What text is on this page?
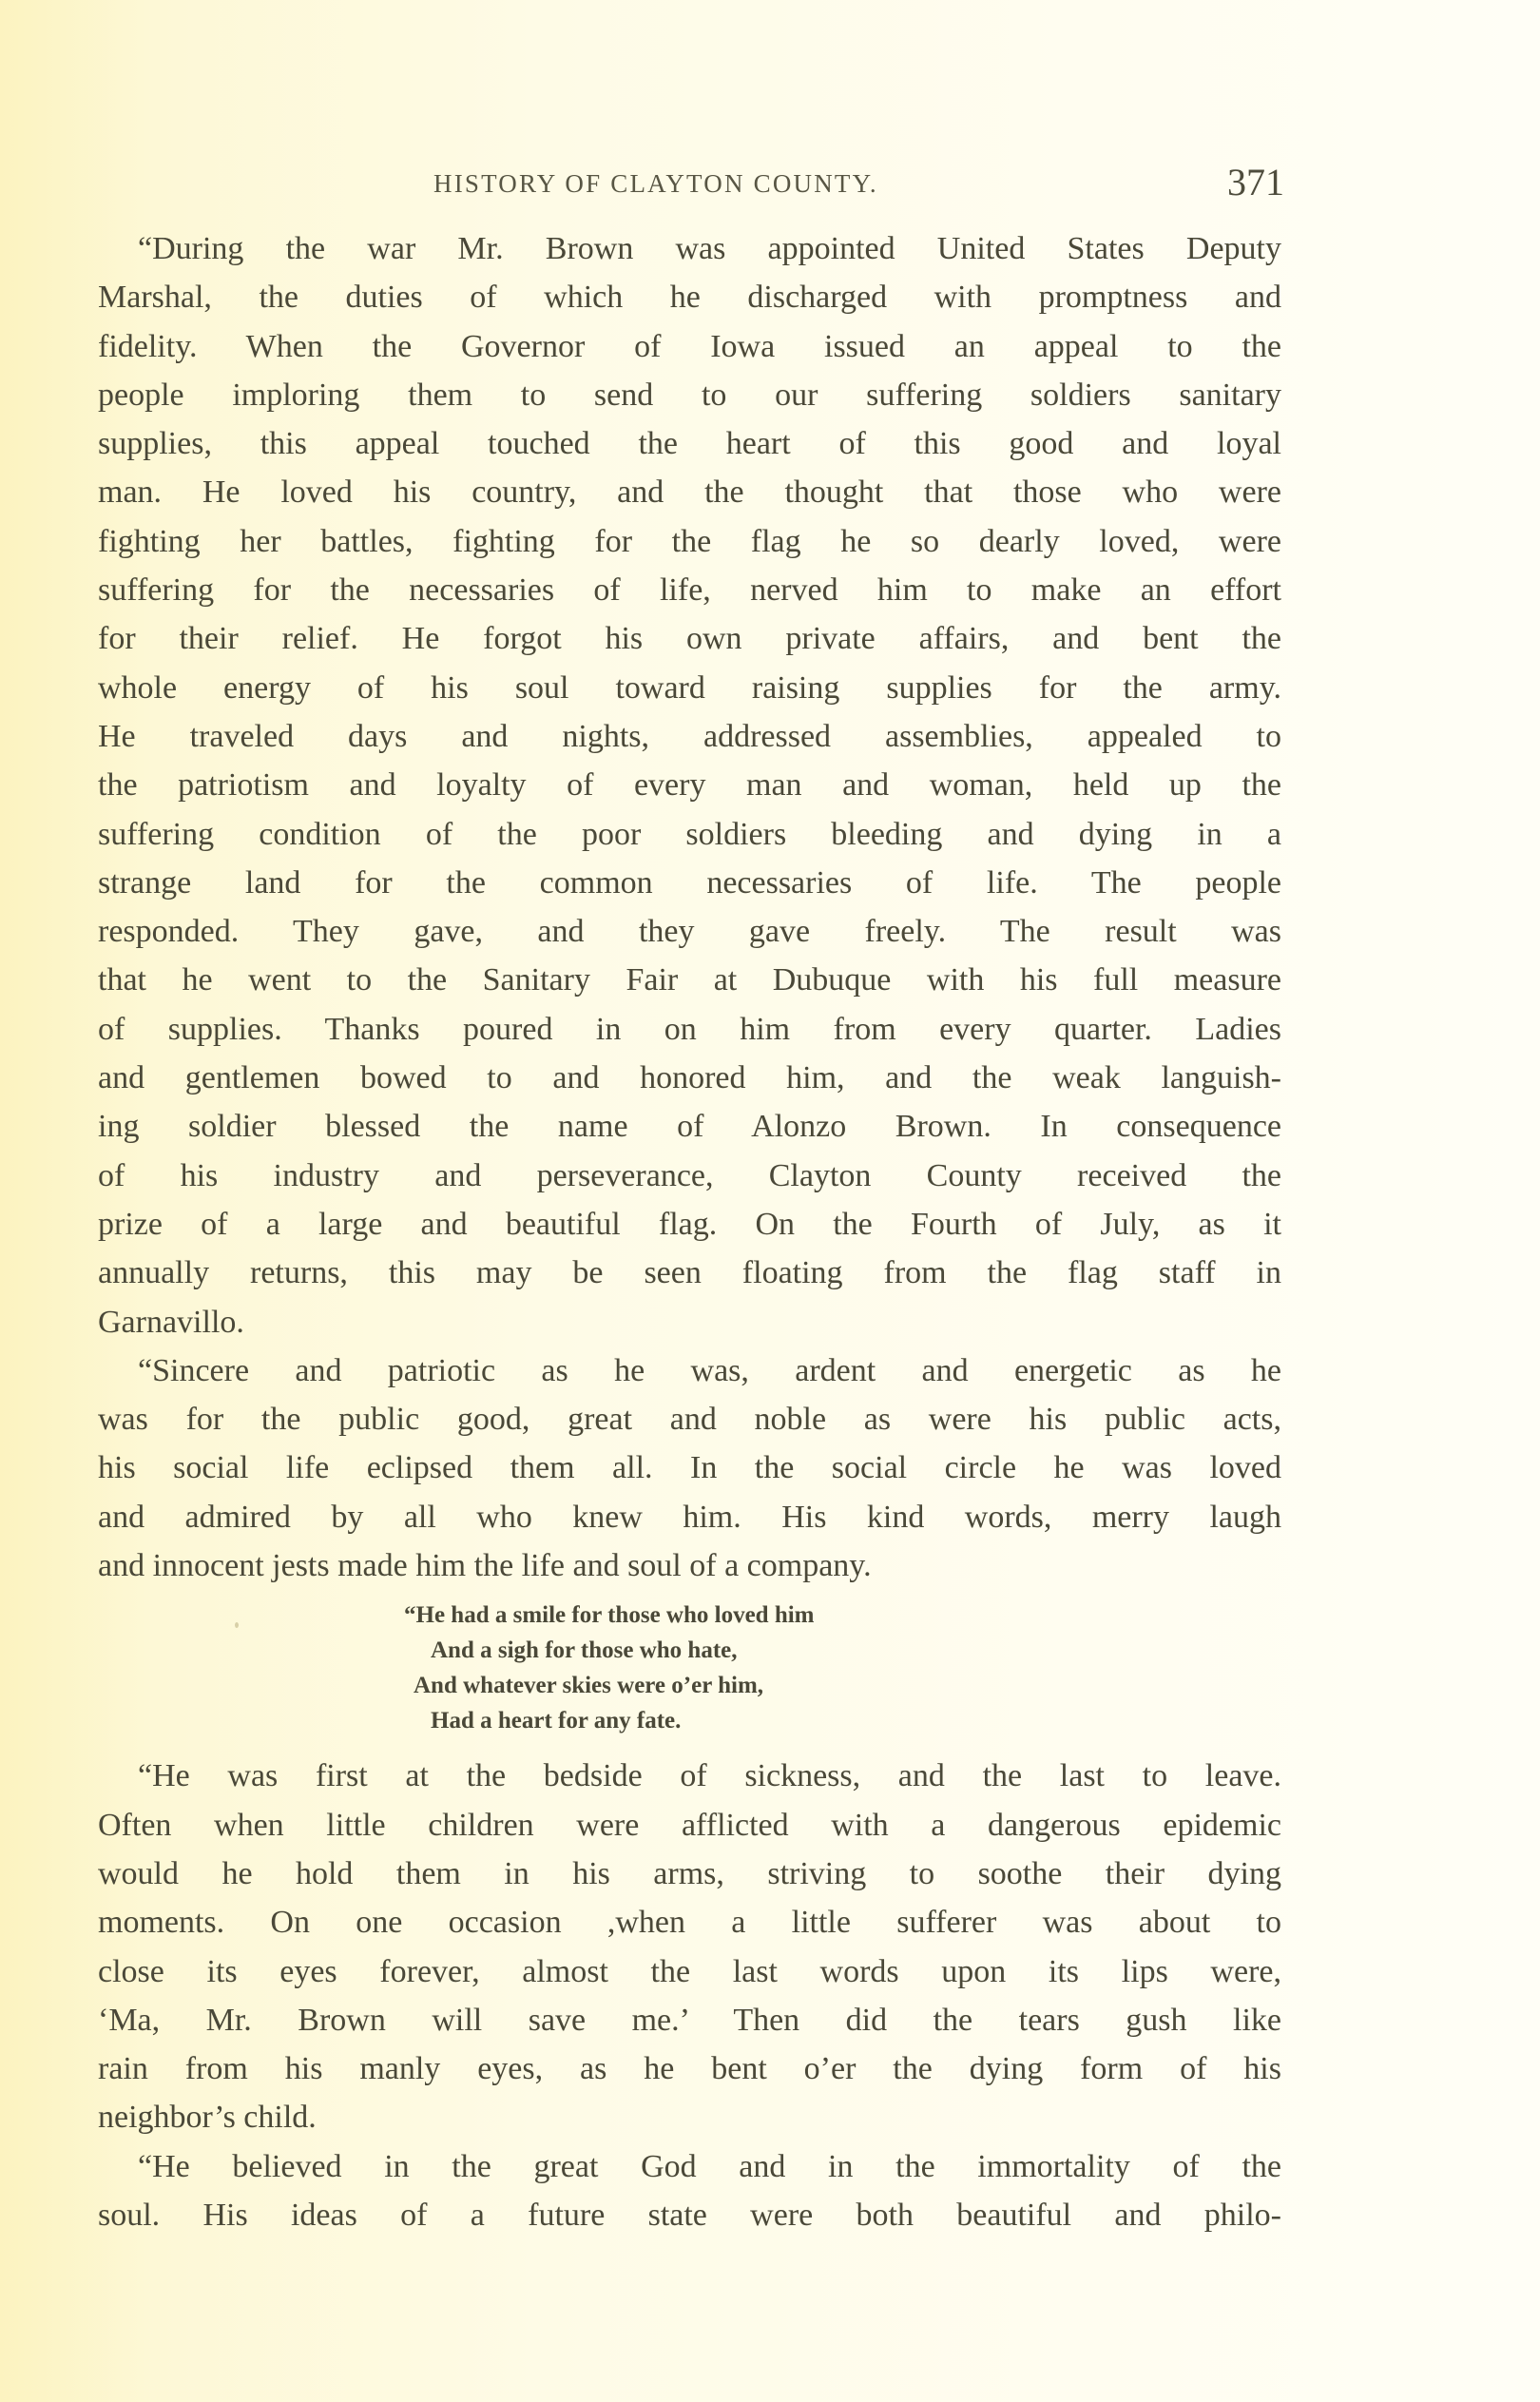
HISTORY OF CLAYTON COUNTY.	371
“During the war Mr. Brown was appointed United States Deputy
Marshal, the duties of which he discharged with promptness and
fidelity. When the Governor of Iowa issued an appeal to the
people imploring them to send to our suffering soldiers sanitary
supplies, this appeal touched the heart of this good and loyal
man. He loved his country, and the thought that those who were
fighting her battles, fighting for the flag he so dearly loved, were
suffering for the necessaries of life, nerved him to make an effort
for their relief. He forgot his own private affairs, and bent the
whole energy of his soul toward raising supplies for the army.
He traveled days and nights, addressed assemblies, appealed to
the patriotism and loyalty of every man and woman, held up the
suffering condition of the poor soldiers bleeding and dying in a
strange land for the common necessaries of life. The people
responded. They gave, and they gave freely. The result was
that he went to the Sanitary Fair at Dubuque with his full measure
of supplies. Thanks poured in on him from every quarter. Ladies
and gentlemen bowed to and honored him, and the weak languish-
ing soldier blessed the name of Alonzo Brown. In consequence
of his industry and perseverance, Clayton County received the
prize of a large and beautiful flag. On the Fourth of July, as it
annually returns, this may be seen floating from the flag staff in
Garnavillo.
“Sincere and patriotic as he was, ardent and energetic as he
was for the public good, great and noble as were his public acts,
his social life eclipsed them all. In the social circle he was loved
and admired by all who knew him. His kind words, merry laugh
and innocent jests made him the life and soul of a company.
“He had a smile for those who loved him
And a sigh for those who hate,
And whatever skies were o’er him,
Had a heart for any fate.
“He was first at the bedside of sickness, and the last to leave.
Often when little children were afflicted with a dangerous epidemic
would he hold them in his arms, striving to soothe their dying
moments. On one occasion ,when a little sufferer was about to
close its eyes forever, almost the last words upon its lips were,
‘Ma, Mr. Brown will save me.’ Then did the tears gush like
rain from his manly eyes, as he bent o’er the dying form of his
neighbor’s child.
“He believed in the great God and in the immortality of the
soul. His ideas of a future state were both beautiful and philo-
